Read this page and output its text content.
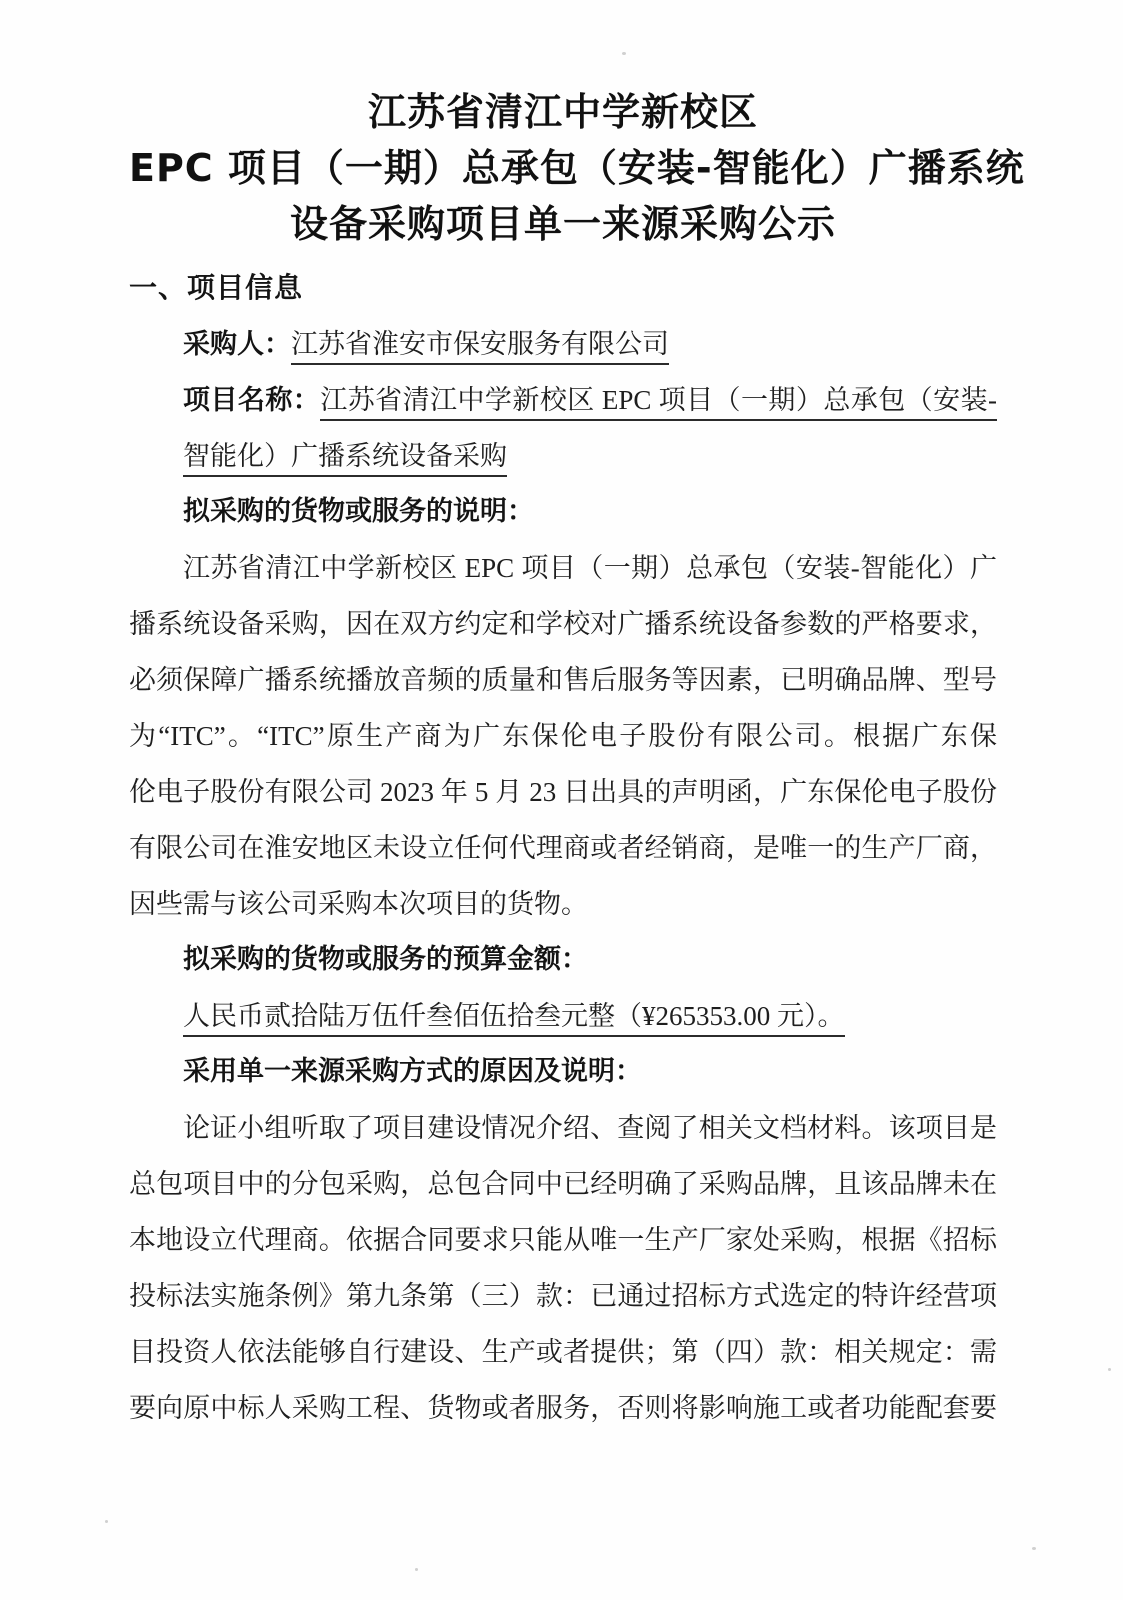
江苏省清江中学新校区
EPC 项目（一期）总承包（安装-智能化）广播系统
设备采购项目单一来源采购公示
一、项目信息
采购人：江苏省淮安市保安服务有限公司
项目名称：江苏省清江中学新校区 EPC 项目（一期）总承包（安装-
智能化）广播系统设备采购
拟采购的货物或服务的说明：
江苏省清江中学新校区 EPC 项目（一期）总承包（安装-智能化）广
播系统设备采购，因在双方约定和学校对广播系统设备参数的严格要求，
必须保障广播系统播放音频的质量和售后服务等因素，已明确品牌、型号
为“ITC”。“ITC”原生产商为广东保伦电子股份有限公司。根据广东保
伦电子股份有限公司 2023 年 5 月 23 日出具的声明函，广东保伦电子股份
有限公司在淮安地区未设立任何代理商或者经销商，是唯一的生产厂商，
因些需与该公司采购本次项目的货物。
拟采购的货物或服务的预算金额：
人民币贰拾陆万伍仟叁佰伍拾叁元整（¥265353.00 元）。
采用单一来源采购方式的原因及说明：
论证小组听取了项目建设情况介绍、查阅了相关文档材料。该项目是
总包项目中的分包采购，总包合同中已经明确了采购品牌，且该品牌未在
本地设立代理商。依据合同要求只能从唯一生产厂家处采购，根据《招标
投标法实施条例》第九条第（三）款：已通过招标方式选定的特许经营项
目投资人依法能够自行建设、生产或者提供；第（四）款：相关规定：需
要向原中标人采购工程、货物或者服务，否则将影响施工或者功能配套要
